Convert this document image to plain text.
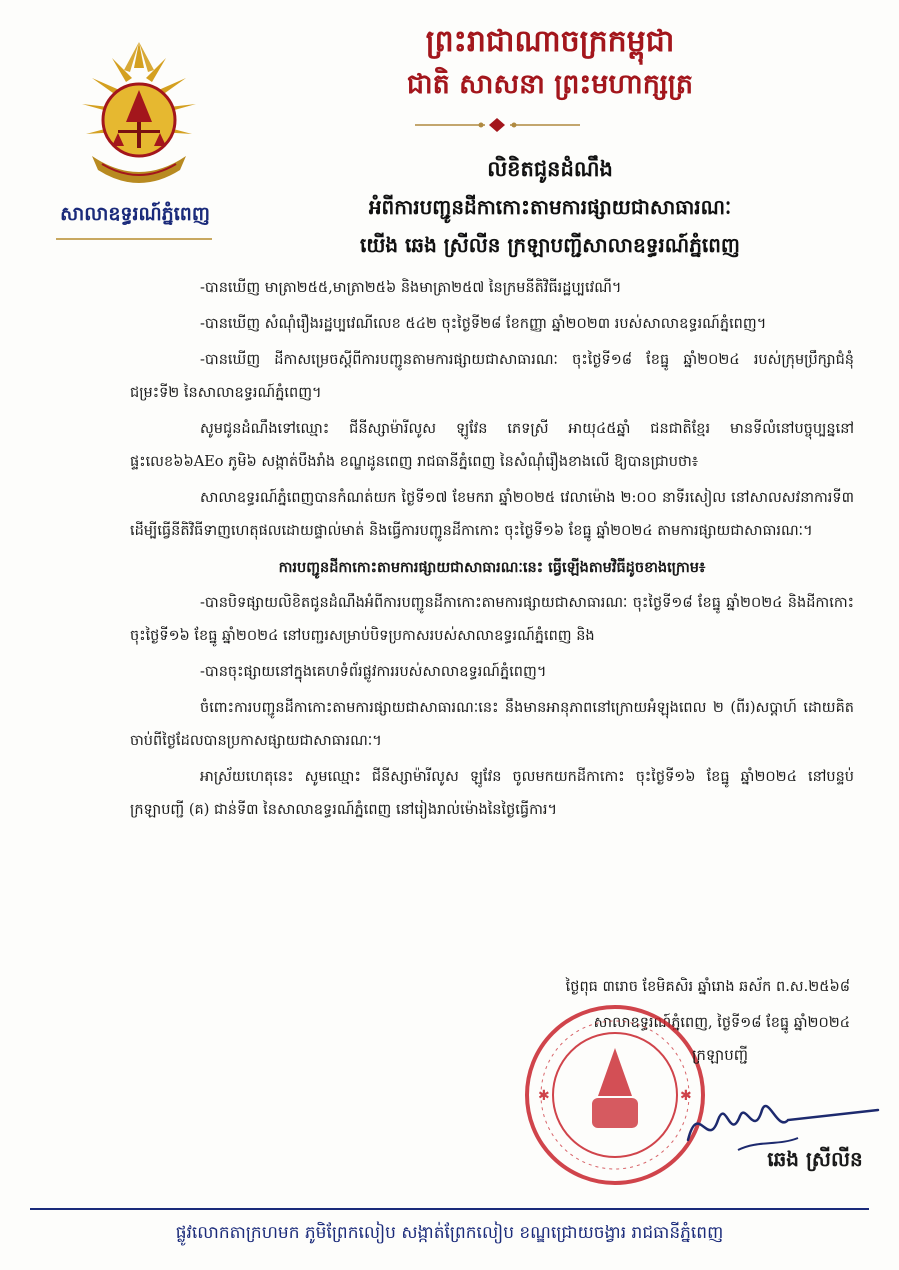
សាលាឧទ្ធរណ៍ភ្នំពេញ
ព្រះរាជាណាចក្រកម្ពុជា
ជាតិ សាសនា ព្រះមហាក្សត្រ
លិខិតជូនដំណឹង
អំពីការបញ្ជូនដីកាកោះតាមការផ្សាយជាសាធារណៈ
យើង ឆេង ស្រីលីន ក្រឡាបញ្ជីសាលាឧទ្ធរណ៍ភ្នំពេញ

-បានឃើញ មាត្រា២៥៥,មាត្រា២៥៦ និងមាត្រា២៥៧ នៃក្រមនីតិវិធីរដ្ឋប្បវេណី។

-បានឃើញ សំណុំរឿងរដ្ឋប្បវេណីលេខ ៥៤២ ចុះថ្ងៃទី២៨ ខែកញ្ញា ឆ្នាំ២០២៣ របស់សាលាឧទ្ធរណ៍ភ្នំពេញ។

-បានឃើញ ដីកាសម្រេចស្តីពីការបញ្ជូនតាមការផ្សាយជាសាធារណៈ ចុះថ្ងៃទី១៨ ខែធ្នូ ឆ្នាំ២០២៤ របស់ក្រុមប្រឹក្សាជំនុំជម្រះទី២ នៃសាលាឧទ្ធរណ៍ភ្នំពេញ។

សូមជូនដំណឹងទៅឈ្មោះ ជីនីស្សាម៉ារីលូស ឡូវែន ភេទស្រី អាយុ៤៥ឆ្នាំ ជនជាតិខ្មែរ មានទីលំនៅបច្ចុប្បន្ននៅផ្ទះលេខ៦៦AEo ភូមិ៦ សង្កាត់បឹងរាំង ខណ្ឌដូនពេញ រាជធានីភ្នំពេញ នៃសំណុំរឿងខាងលើ ឱ្យបានជ្រាបថា៖

សាលាឧទ្ធរណ៍ភ្នំពេញបានកំណត់យក ថ្ងៃទី១៧ ខែមករា ឆ្នាំ២០២៥ វេលាម៉ោង ២:០០ នាទីរសៀល នៅសាលសវនាការទី៣ ដើម្បីធ្វើនីតិវិធីទាញហេតុផលដោយផ្ទាល់មាត់ និងធ្វើការបញ្ជូនដីកាកោះ ចុះថ្ងៃទី១៦ ខែធ្នូ ឆ្នាំ២០២៤ តាមការផ្សាយជាសាធារណៈ។

ការបញ្ជូនដីកាកោះតាមការផ្សាយជាសាធារណៈនេះ ធ្វើឡើងតាមវិធីដូចខាងក្រោម៖

-បានបិទផ្សាយលិខិតជូនដំណឹងអំពីការបញ្ជូនដីកាកោះតាមការផ្សាយជាសាធារណៈ ចុះថ្ងៃទី១៨ ខែធ្នូ ឆ្នាំ២០២៤ និងដីកាកោះ ចុះថ្ងៃទី១៦ ខែធ្នូ ឆ្នាំ២០២៤ នៅបញ្ជរសម្រាប់បិទប្រកាសរបស់សាលាឧទ្ធរណ៍ភ្នំពេញ និង

-បានចុះផ្សាយនៅក្នុងគេហទំព័រផ្លូវការរបស់សាលាឧទ្ធរណ៍ភ្នំពេញ។

ចំពោះការបញ្ជូនដីកាកោះតាមការផ្សាយជាសាធារណៈនេះ នឹងមានអានុភាពនៅក្រោយអំឡុងពេល ២ (ពីរ)សប្តាហ៍ ដោយគិតចាប់ពីថ្ងៃដែលបានប្រកាសផ្សាយជាសាធារណៈ។

អាស្រ័យហេតុនេះ សូមឈ្មោះ ជីនីស្សាម៉ារីលូស ឡូវែន ចូលមកយកដីកាកោះ ចុះថ្ងៃទី១៦ ខែធ្នូ ឆ្នាំ២០២៤ នៅបន្ទប់ក្រឡាបញ្ជី (គ) ជាន់ទី៣ នៃសាលាឧទ្ធរណ៍ភ្នំពេញ នៅរៀងរាល់ម៉ោងនៃថ្ងៃធ្វើការ។

ថ្ងៃពុធ ៣រោច ខែមិគសិរ ឆ្នាំរោង ឆស័ក ព.ស.២៥៦៨
សាលាឧទ្ធរណ៍ភ្នំពេញ, ថ្ងៃទី១៨ ខែធ្នូ ឆ្នាំ២០២៤
✱	✱
ក្រឡាបញ្ជី
ឆេង ស្រីលីន
ផ្លូវលោកតាក្រហមក ភូមិព្រែកលៀប សង្កាត់ព្រែកលៀប ខណ្ឌជ្រោយចង្វារ រាជធានីភ្នំពេញ
